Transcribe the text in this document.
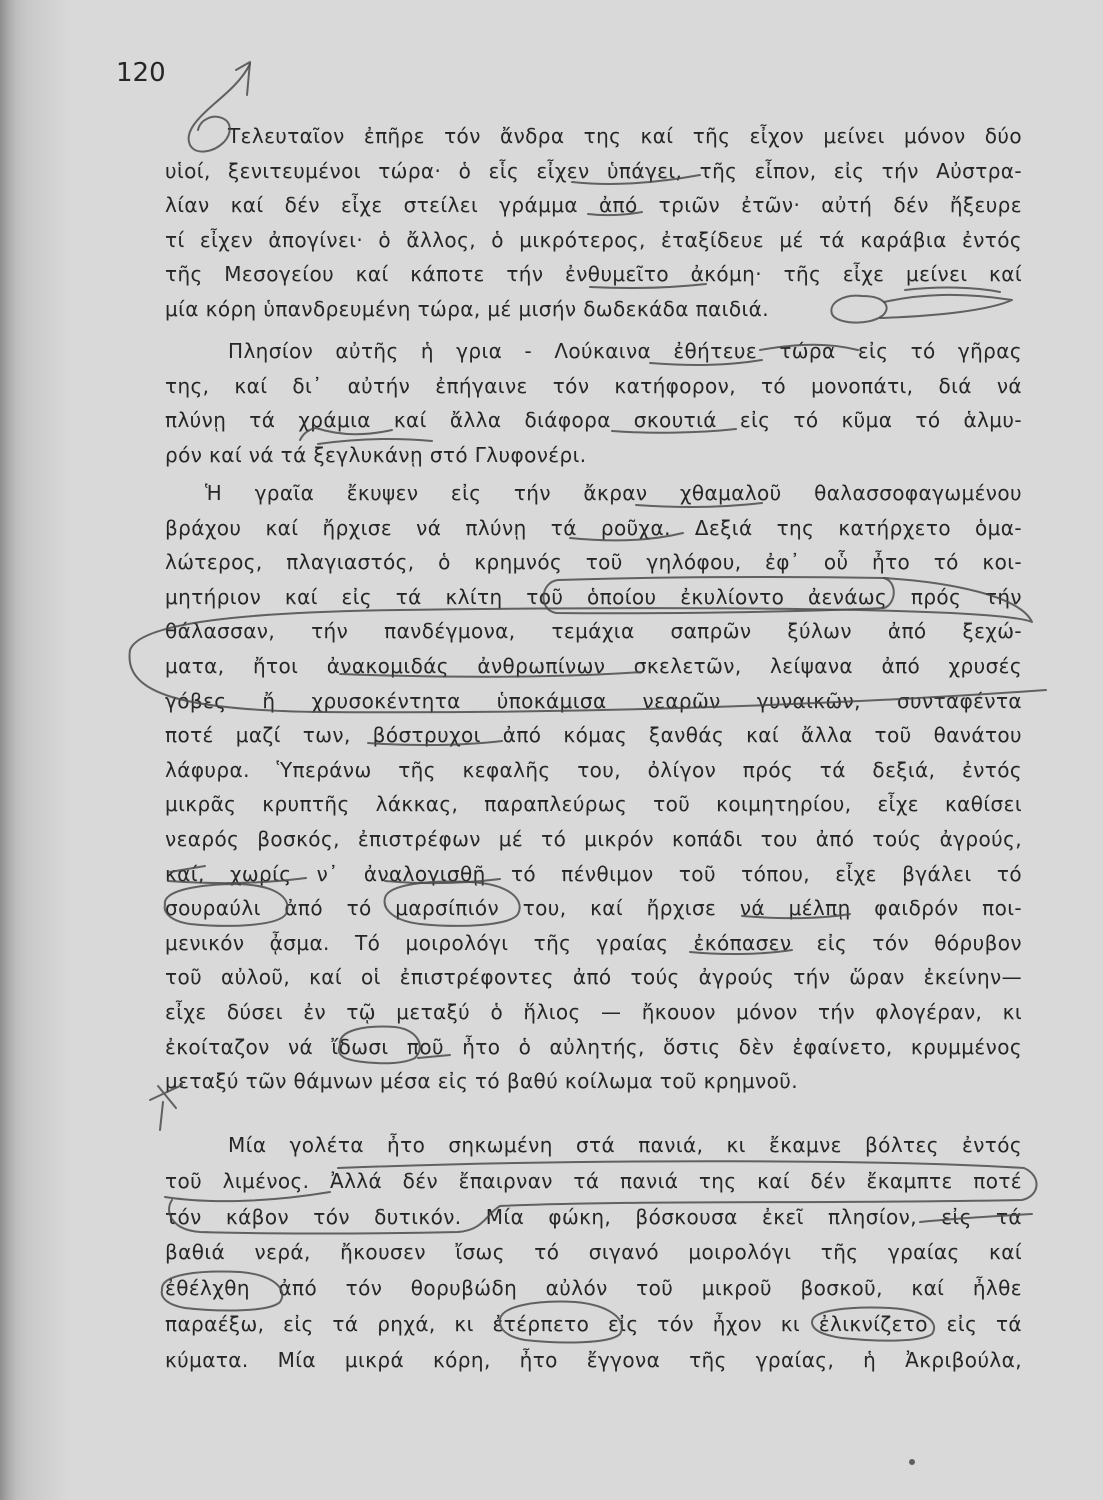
120
Τελευταῖον ἐπῆρε τόν ἄνδρα της καί τῆς εἶχον μείνει μόνον δύο
υἱοί, ξενιτευμένοι τώρα· ὁ εἷς εἶχεν ὑπάγει, τῆς εἶπον, εἰς τήν Αὐστρα-
λίαν καί δέν εἶχε στείλει γράμμα ἀπό τριῶν ἐτῶν· αὐτή δέν ἤξευρε
τί εἶχεν ἀπογίνει· ὁ ἄλλος, ὁ μικρότερος, ἐταξίδευε μέ τά καράβια ἐντός
τῆς Μεσογείου καί κάποτε τήν ἐνθυμεῖτο ἀκόμη· τῆς εἶχε μείνει καί
μία κόρη ὑπανδρευμένη τώρα, μέ μισήν δωδεκάδα παιδιά.
Πλησίον αὐτῆς ἡ γρια - Λούκαινα ἐθήτευε τώρα εἰς τό γῆρας
της, καί δι᾿ αὐτήν ἐπήγαινε τόν κατήφορον, τό μονοπάτι, διά νά
πλύνῃ τά χράμια καί ἄλλα διάφορα σκουτιά εἰς τό κῦμα τό ἁλμυ-
ρόν καί νά τά ξεγλυκάνῃ στό Γλυφονέρι.
Ἡ γραῖα ἔκυψεν εἰς τήν ἄκραν χθαμαλοῦ θαλασσοφαγωμένου
βράχου καί ἤρχισε νά πλύνῃ τά ροῦχα. Δεξιά της κατήρχετο ὁμα-
λώτερος, πλαγιαστός, ὁ κρημνός τοῦ γηλόφου, ἐφ᾿ οὗ ἦτο τό κοι-
μητήριον καί εἰς τά κλίτη τοῦ ὁποίου ἐκυλίοντο ἀενάως πρός τήν
θάλασσαν, τήν πανδέγμονα, τεμάχια σαπρῶν ξύλων ἀπό ξεχώ-
ματα, ἤτοι ἀνακομιδάς ἀνθρωπίνων σκελετῶν, λείψανα ἀπό χρυσές
γόβες ἤ χρυσοκέντητα ὑποκάμισα νεαρῶν γυναικῶν, συνταφέντα
ποτέ μαζί των, βόστρυχοι ἀπό κόμας ξανθάς καί ἄλλα τοῦ θανάτου
λάφυρα. Ὑπεράνω τῆς κεφαλῆς του, ὀλίγον πρός τά δεξιά, ἐντός
μικρᾶς κρυπτῆς λάκκας, παραπλεύρως τοῦ κοιμητηρίου, εἶχε καθίσει
νεαρός βοσκός, ἐπιστρέφων μέ τό μικρόν κοπάδι του ἀπό τούς ἀγρούς,
καί, χωρίς ν᾿ ἀναλογισθῇ τό πένθιμον τοῦ τόπου, εἶχε βγάλει τό
σουραύλι ἀπό τό μαρσίπιόν του, καί ἤρχισε νά μέλπῃ φαιδρόν ποι-
μενικόν ᾆσμα. Τό μοιρολόγι τῆς γραίας ἐκόπασεν εἰς τόν θόρυβον
τοῦ αὐλοῦ, καί οἱ ἐπιστρέφοντες ἀπό τούς ἀγρούς τήν ὥραν ἐκείνην—
εἶχε δύσει ἐν τῷ μεταξύ ὁ ἥλιος — ἤκουον μόνον τήν φλογέραν, κι
ἐκοίταζον νά ἴδωσι ποῦ ἦτο ὁ αὐλητής, ὅστις δὲν ἐφαίνετο, κρυμμένος
μεταξύ τῶν θάμνων μέσα εἰς τό βαθύ κοίλωμα τοῦ κρημνοῦ.
Μία γολέτα ἦτο σηκωμένη στά πανιά, κι ἔκαμνε βόλτες ἐντός
τοῦ λιμένος. Ἀλλά δέν ἔπαιρναν τά πανιά της καί δέν ἔκαμπτε ποτέ
τόν κάβον τόν δυτικόν. Μία φώκη, βόσκουσα ἐκεῖ πλησίον, εἰς τά
βαθιά νερά, ἤκουσεν ἴσως τό σιγανό μοιρολόγι τῆς γραίας καί
ἐθέλχθη ἀπό τόν θορυβώδη αὐλόν τοῦ μικροῦ βοσκοῦ, καί ἦλθε
παραέξω, εἰς τά ρηχά, κι ἐτέρπετο εἰς τόν ἦχον κι ἐλικνίζετο εἰς τά
κύματα. Μία μικρά κόρη, ἦτο ἔγγονα τῆς γραίας, ἡ Ἀκριβούλα,
